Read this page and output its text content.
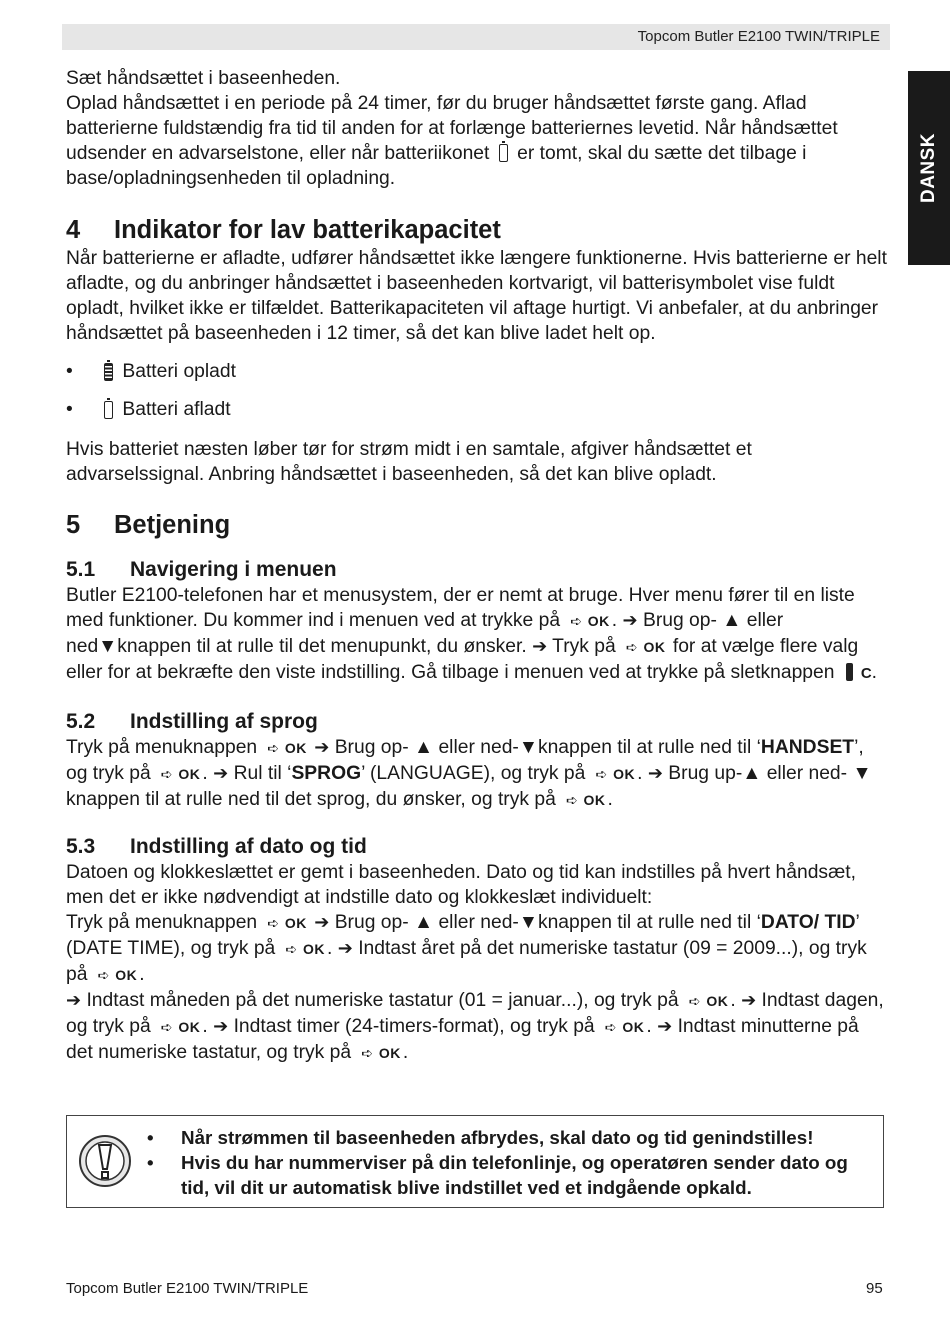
Topcom Butler E2100 TWIN/TRIPLE
DANSK

Sæt håndsættet i baseenheden.

Oplad håndsættet i en periode på 24 timer, før du bruger håndsættet første gang. Aflad batterierne fuldstændig fra tid til anden for at forlænge batteriernes levetid. Når håndsættet udsender en advarselstone, eller når batteriikonet er tomt, skal du sætte det tilbage i base/opladningsenheden til opladning.

4 Indikator for lav batterikapacitet

Når batterierne er afladte, udfører håndsættet ikke længere funktionerne. Hvis batterierne er helt afladte, og du anbringer håndsættet i baseenheden kortvarigt, vil batterisymbolet vise fuldt opladt, hvilket ikke er tilfældet. Batterikapaciteten vil aftage hurtigt. Vi anbefaler, at du anbringer håndsættet på baseenheden i 12 timer, så det kan blive ladet helt op.

•
	Batteri opladt
•
	Batteri afladt

Hvis batteriet næsten løber tør for strøm midt i en samtale, afgiver håndsættet et advarselssignal. Anbring håndsættet i baseenheden, så det kan blive opladt.

5 Betjening
5.1 Navigering i menuen

Butler E2100-telefonen har et menusystem, der er nemt at bruge. Hver menu fører til en liste med funktioner. Du kommer ind i menuen ved at trykke på ➪ OK . ➔ Brug op- ▲ eller ned▼knappen til at rulle til det menupunkt, du ønsker. ➔ Tryk på ➪ OK for at vælge flere valg eller for at bekræfte den viste indstilling. Gå tilbage i menuen ved at trykke på sletknappen C.

5.2 Indstilling af sprog

Tryk på menuknappen ➪ OK ➔ Brug op- ▲ eller ned-▼knappen til at rulle ned til ‘HANDSET’, og tryk på ➪ OK . ➔ Rul til ‘SPROG’ (LANGUAGE), og tryk på ➪ OK . ➔ Brug up-▲ eller ned- ▼ knappen til at rulle ned til det sprog, du ønsker, og tryk på ➪ OK .

5.3 Indstilling af dato og tid

Datoen og klokkeslættet er gemt i baseenheden. Dato og tid kan indstilles på hvert håndsæt, men det er ikke nødvendigt at indstille dato og klokkeslæt individuelt:

Tryk på menuknappen ➪ OK ➔ Brug op- ▲ eller ned-▼knappen til at rulle ned til ‘DATO/ TID’ (DATE TIME), og tryk på ➪ OK . ➔ Indtast året på det numeriske tastatur (09 = 2009...), og tryk på ➪ OK .

➔ Indtast måneden på det numeriske tastatur (01 = januar...), og tryk på ➪ OK . ➔ Indtast dagen, og tryk på ➪ OK . ➔ Indtast timer (24-timers-format), og tryk på ➪ OK . ➔ Indtast minutterne på det numeriske tastatur, og tryk på ➪ OK .

•	Når strømmen til baseenheden afbrydes, skal dato og tid genindstilles!
•	Hvis du har nummerviser på din telefonlinje, og operatøren sender dato og tid, vil dit ur automatisk blive indstillet ved et indgående opkald.
Topcom Butler E2100 TWIN/TRIPLE	95
